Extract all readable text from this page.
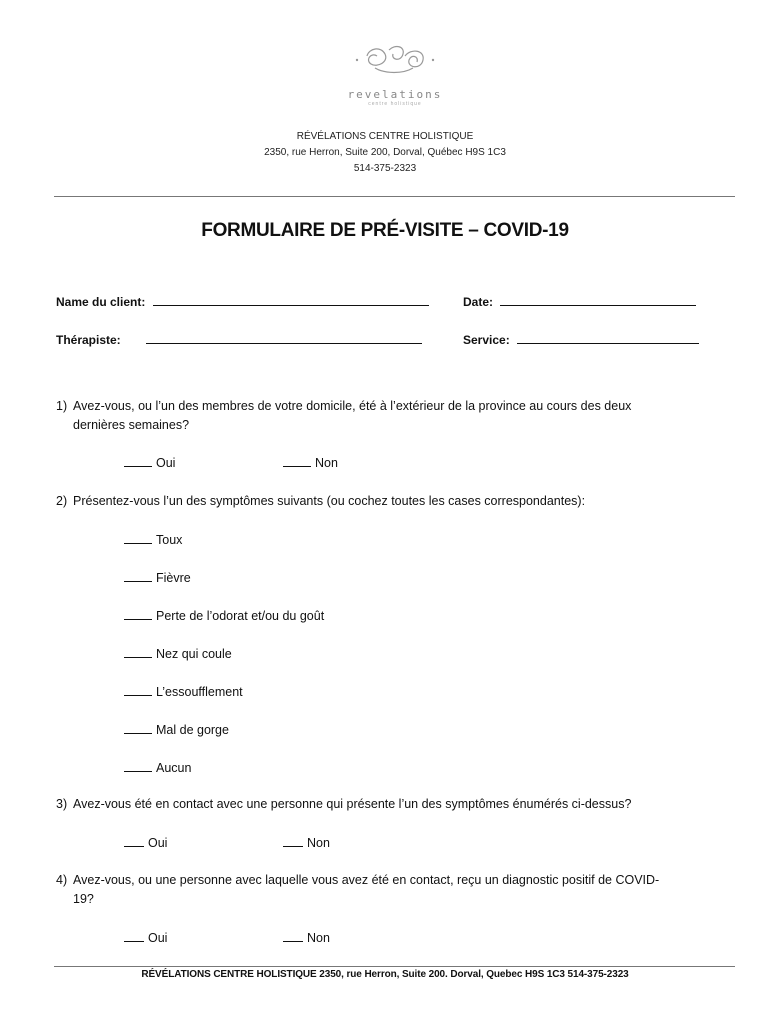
revelations
centre holistique
RÉVÉLATIONS CENTRE HOLISTIQUE
2350, rue Herron, Suite 200, Dorval, Québec H9S 1C3
514-375-2323
FORMULAIRE DE PRÉ-VISITE – COVID-19
Name du client:	Date:
Thérapiste:	Service:
1) Avez-vous, ou l’un des membres de votre domicile, été à l’extérieur de la province au cours des deux
dernières semaines?
Oui	Non
2) Présentez-vous l’un des symptômes suivants (ou cochez toutes les cases correspondantes):
Toux
Fièvre
Perte de l’odorat et/ou du goût
Nez qui coule
L’essoufflement
Mal de gorge
Aucun
3) Avez-vous été en contact avec une personne qui présente l’un des symptômes énumérés ci-dessus?
Oui	Non
4) Avez-vous, ou une personne avec laquelle vous avez été en contact, reçu un diagnostic positif de COVID-
19?
Oui	Non
RÉVÉLATIONS CENTRE HOLISTIQUE 2350, rue Herron, Suite 200. Dorval, Quebec H9S 1C3 514-375-2323
